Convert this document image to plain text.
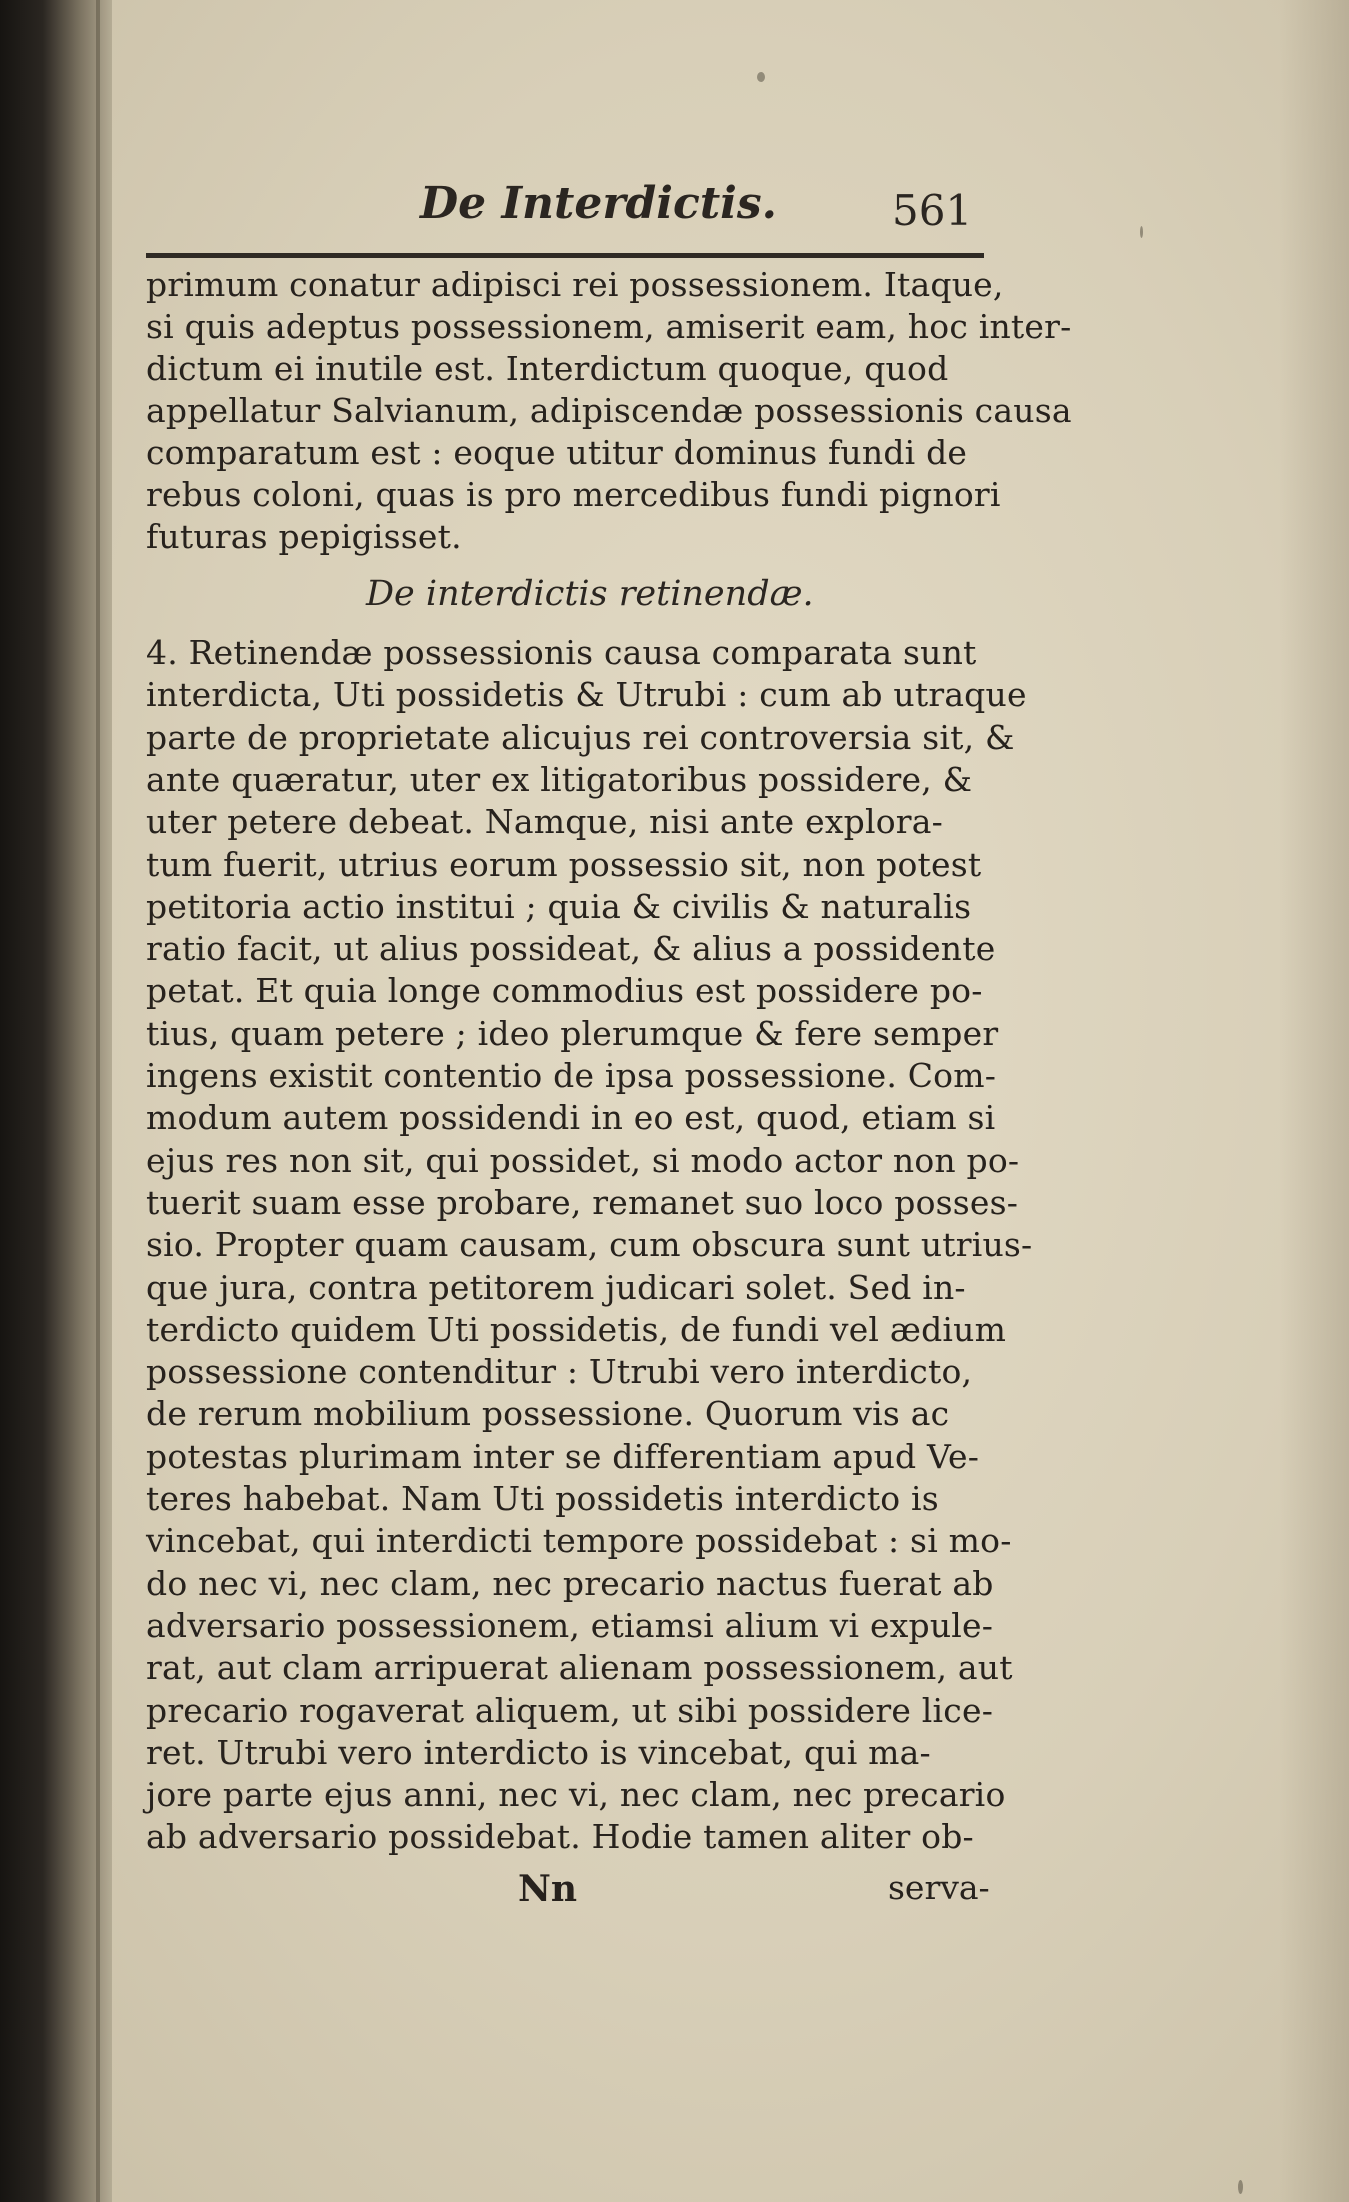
De Interdictis.	561
primum conatur adipisci rei possessionem. Itaque,
si quis adeptus possessionem, amiserit eam, hoc inter-
dictum ei inutile est. Interdictum quoque, quod
appellatur Salvianum, adipiscendæ possessionis causa
comparatum est : eoque utitur dominus fundi de
rebus coloni, quas is pro mercedibus fundi pignori
futuras pepigisset.
De interdictis retinendæ.
4. Retinendæ possessionis causa comparata sunt
interdicta, Uti possidetis & Utrubi : cum ab utraque
parte de proprietate alicujus rei controversia sit, &
ante quæratur, uter ex litigatoribus possidere, &
uter petere debeat. Namque, nisi ante explora-
tum fuerit, utrius eorum possessio sit, non potest
petitoria actio institui ; quia & civilis & naturalis
ratio facit, ut alius possideat, & alius a possidente
petat. Et quia longe commodius est possidere po-
tius, quam petere ; ideo plerumque & fere semper
ingens existit contentio de ipsa possessione. Com-
modum autem possidendi in eo est, quod, etiam si
ejus res non sit, qui possidet, si modo actor non po-
tuerit suam esse probare, remanet suo loco posses-
sio. Propter quam causam, cum obscura sunt utrius-
que jura, contra petitorem judicari solet. Sed in-
terdicto quidem Uti possidetis, de fundi vel ædium
possessione contenditur : Utrubi vero interdicto,
de rerum mobilium possessione. Quorum vis ac
potestas plurimam inter se differentiam apud Ve-
teres habebat. Nam Uti possidetis interdicto is
vincebat, qui interdicti tempore possidebat : si mo-
do nec vi, nec clam, nec precario nactus fuerat ab
adversario possessionem, etiamsi alium vi expule-
rat, aut clam arripuerat alienam possessionem, aut
precario rogaverat aliquem, ut sibi possidere lice-
ret. Utrubi vero interdicto is vincebat, qui ma-
jore parte ejus anni, nec vi, nec clam, nec precario
ab adversario possidebat. Hodie tamen aliter ob-
Nn	serva-
